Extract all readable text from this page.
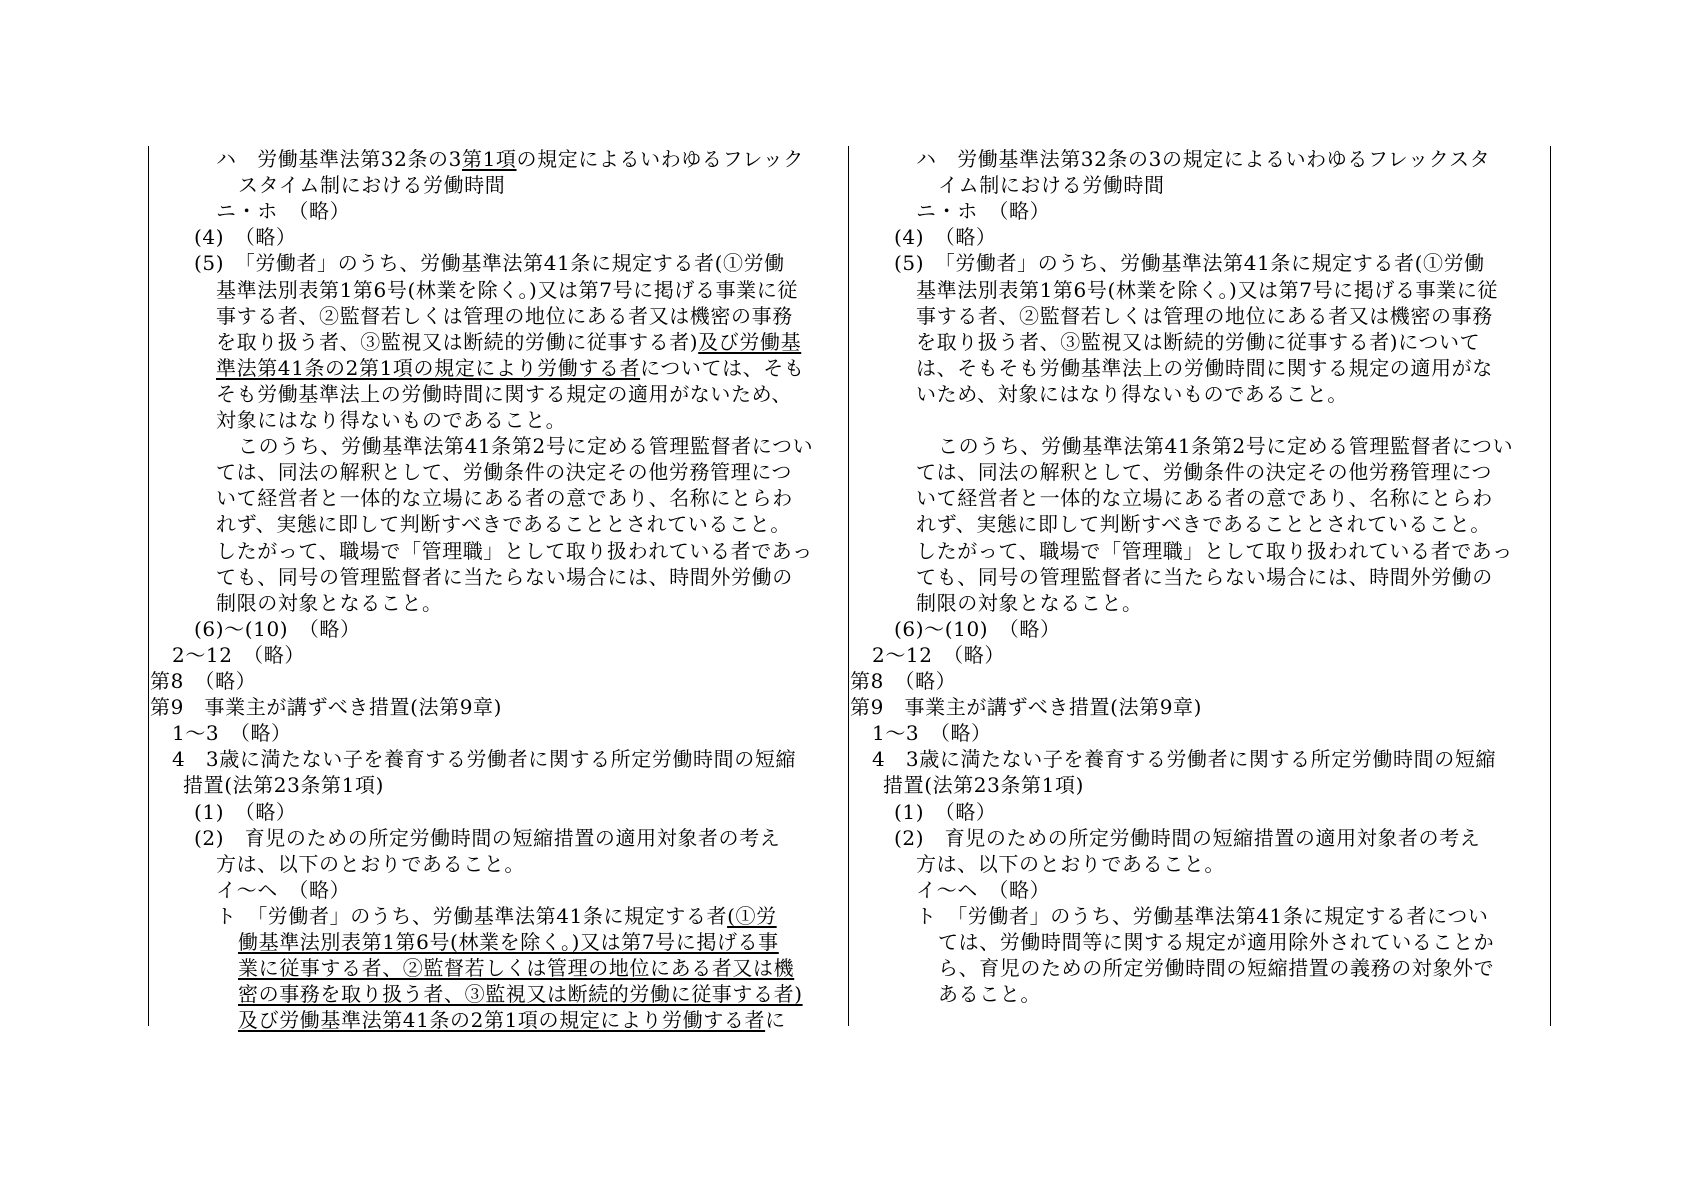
ハ　労働基準法第32条の3第1項の規定によるいわゆるフレック
スタイム制における労働時間
ニ・ホ　（略）
(4)　（略）
(5)　「労働者」のうち、労働基準法第41条に規定する者(①労働
基準法別表第1第6号(林業を除く。)又は第7号に掲げる事業に従
事する者、②監督若しくは管理の地位にある者又は機密の事務
を取り扱う者、③監視又は断続的労働に従事する者)及び労働基
準法第41条の2第1項の規定により労働する者については、そも
そも労働基準法上の労働時間に関する規定の適用がないため、
対象にはなり得ないものであること。
このうち、労働基準法第41条第2号に定める管理監督者につい
ては、同法の解釈として、労働条件の決定その他労務管理につ
いて経営者と一体的な立場にある者の意であり、名称にとらわ
れず、実態に即して判断すべきであることとされていること。
したがって、職場で「管理職」として取り扱われている者であっ
ても、同号の管理監督者に当たらない場合には、時間外労働の
制限の対象となること。
(6)～(10)　（略）
2～12　（略）
第8　（略）
第9　事業主が講ずべき措置(法第9章)
1～3　（略）
4　3歳に満たない子を養育する労働者に関する所定労働時間の短縮
措置(法第23条第1項)
(1)　（略）
(2)　育児のための所定労働時間の短縮措置の適用対象者の考え
方は、以下のとおりであること。
イ～ヘ　（略）
ト　「労働者」のうち、労働基準法第41条に規定する者(①労
働基準法別表第1第6号(林業を除く。)又は第7号に掲げる事
業に従事する者、②監督若しくは管理の地位にある者又は機
密の事務を取り扱う者、③監視又は断続的労働に従事する者)
及び労働基準法第41条の2第1項の規定により労働する者に
ハ　労働基準法第32条の3の規定によるいわゆるフレックスタ
イム制における労働時間
ニ・ホ　（略）
(4)　（略）
(5)　「労働者」のうち、労働基準法第41条に規定する者(①労働
基準法別表第1第6号(林業を除く。)又は第7号に掲げる事業に従
事する者、②監督若しくは管理の地位にある者又は機密の事務
を取り扱う者、③監視又は断続的労働に従事する者)について
は、そもそも労働基準法上の労働時間に関する規定の適用がな
いため、対象にはなり得ないものであること。
このうち、労働基準法第41条第2号に定める管理監督者につい
ては、同法の解釈として、労働条件の決定その他労務管理につ
いて経営者と一体的な立場にある者の意であり、名称にとらわ
れず、実態に即して判断すべきであることとされていること。
したがって、職場で「管理職」として取り扱われている者であっ
ても、同号の管理監督者に当たらない場合には、時間外労働の
制限の対象となること。
(6)～(10)　（略）
2～12　（略）
第8　（略）
第9　事業主が講ずべき措置(法第9章)
1～3　（略）
4　3歳に満たない子を養育する労働者に関する所定労働時間の短縮
措置(法第23条第1項)
(1)　（略）
(2)　育児のための所定労働時間の短縮措置の適用対象者の考え
方は、以下のとおりであること。
イ～ヘ　（略）
ト　「労働者」のうち、労働基準法第41条に規定する者につい
ては、労働時間等に関する規定が適用除外されていることか
ら、育児のための所定労働時間の短縮措置の義務の対象外で
あること。
